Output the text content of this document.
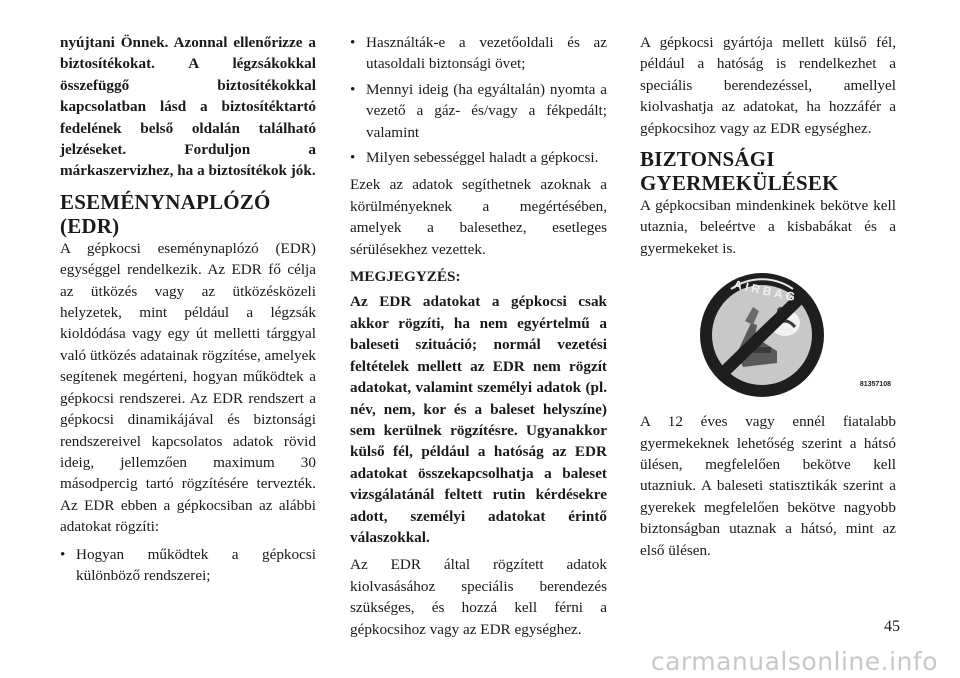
nyújtani Önnek. Azonnal ellenőrizze a biztosítékokat. A légzsákokkal összefüggő biztosítékokkal kapcsolatban lásd a biztosítéktartó fedelének belső oldalán található jelzéseket. Forduljon a márkaszervizhez, ha a biztosítékok jók.

ESEMÉNYNAPLÓZÓ (EDR)

A gépkocsi eseménynaplózó (EDR) egységgel rendelkezik. Az EDR fő célja az ütközés vagy az ütközésközeli helyzetek, mint például a légzsák kioldódása vagy egy út melletti tárggyal való ütközés adatainak rögzítése, amelyek segítenek megérteni, hogyan működtek a gépkocsi rendszerei. Az EDR rendszert a gépkocsi dinamikájával és biztonsági rendszereivel kapcsolatos adatok rövid ideig, jellemzően maximum 30 másodpercig tartó rögzítésére tervezték. Az EDR ebben a gépkocsiban az alábbi adatokat rögzíti:

• Hogyan működtek a gépkocsi különböző rendszerei;
• Használták-e a vezetőoldali és az utasoldali biztonsági övet;
• Mennyi ideig (ha egyáltalán) nyomta a vezető a gáz- és/vagy a fékpedált; valamint
• Milyen sebességgel haladt a gépkocsi.

Ezek az adatok segíthetnek azoknak a körülményeknek a megértésében, amelyek a balesethez, esetleges sérülésekhez vezettek.

MEGJEGYZÉS:

Az EDR adatokat a gépkocsi csak akkor rögzíti, ha nem egyértelmű a baleseti szituáció; normál vezetési feltételek mellett az EDR nem rögzít adatokat, valamint személyi adatok (pl. név, nem, kor és a baleset helyszíne) sem kerülnek rögzítésre. Ugyanakkor külső fél, például a hatóság az EDR adatokat összekapcsolhatja a baleset vizsgálatánál feltett rutin kérdésekre adott, személyi adatokat érintő válaszokkal.

Az EDR által rögzített adatok kiolvasásához speciális berendezés szükséges, és hozzá kell férni a gépkocsihoz vagy az EDR egységhez.

A gépkocsi gyártója mellett külső fél, például a hatóság is rendelkezhet a speciális berendezéssel, amellyel kiolvashatja az adatokat, ha hozzáfér a gépkocsihoz vagy az EDR egységhez.

BIZTONSÁGI GYERMEKÜLÉSEK

A gépkocsiban mindenkinek bekötve kell utaznia, beleértve a kisbabákat és a gyermekeket is.

AIRBAG
81357108

A 12 éves vagy ennél fiatalabb gyermekeknek lehetőség szerint a hátsó ülésen, megfelelően bekötve kell utazniuk. A baleseti statisztikák szerint a gyerekek megfelelően bekötve nagyobb biztonságban utaznak a hátsó, mint az első ülésen.

45
carmanualsonline.info
